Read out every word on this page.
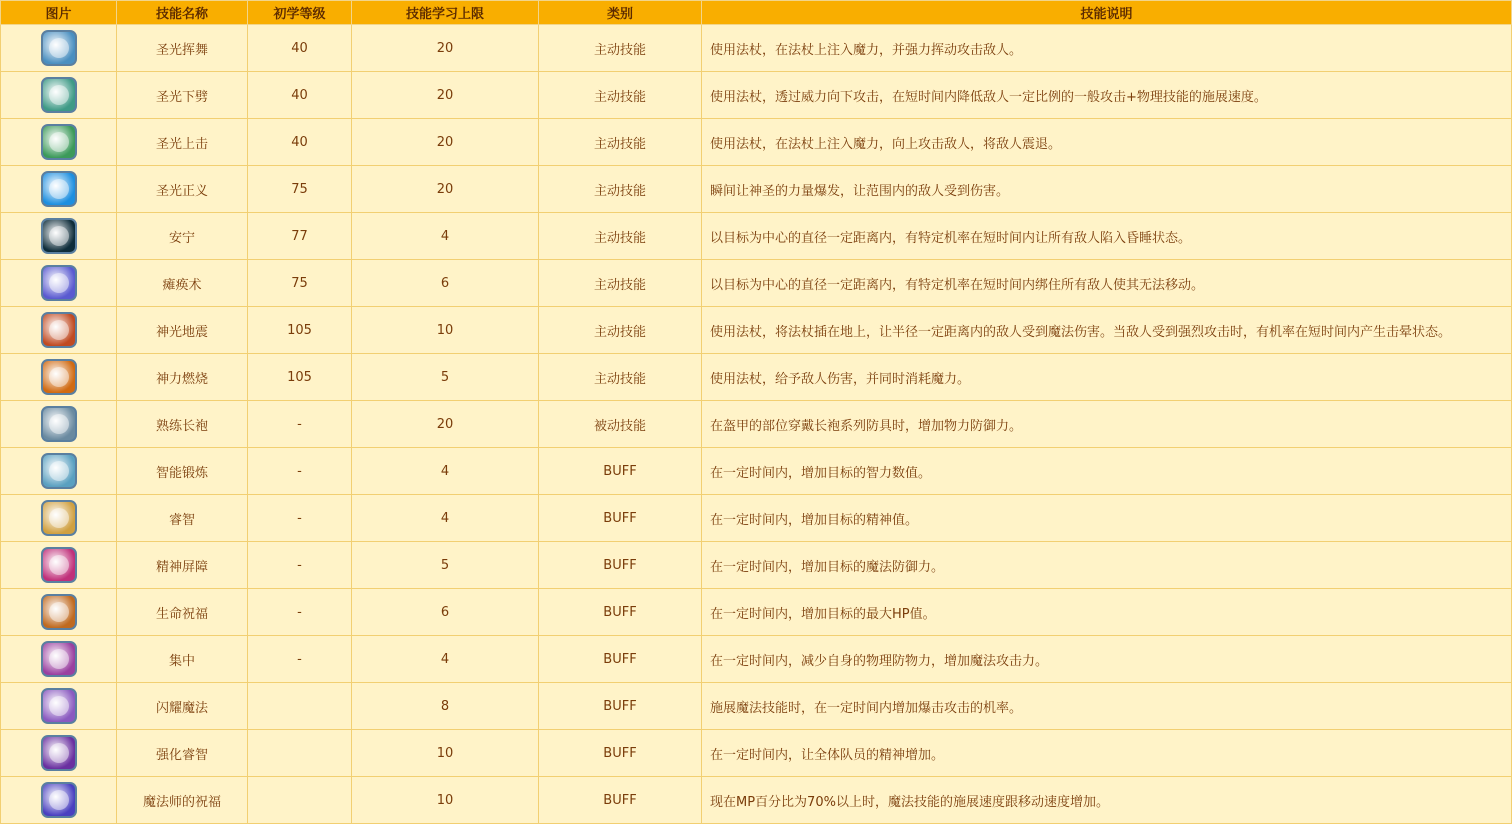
图片	技能名称	初学等级	技能学习上限	类别	技能说明
	圣光挥舞	40	20	主动技能	使用法杖，在法杖上注入魔力，并强力挥动攻击敌人。
	圣光下劈	40	20	主动技能	使用法杖，透过威力向下攻击，在短时间内降低敌人一定比例的一般攻击+物理技能的施展速度。
	圣光上击	40	20	主动技能	使用法杖，在法杖上注入魔力，向上攻击敌人，将敌人震退。
	圣光正义	75	20	主动技能	瞬间让神圣的力量爆发，让范围内的敌人受到伤害。
	安宁	77	4	主动技能	以目标为中心的直径一定距离内，有特定机率在短时间内让所有敌人陷入昏睡状态。
	瘫痪术	75	6	主动技能	以目标为中心的直径一定距离内，有特定机率在短时间内绑住所有敌人使其无法移动。
	神光地震	105	10	主动技能	使用法杖，将法杖插在地上，让半径一定距离内的敌人受到魔法伤害。当敌人受到强烈攻击时，有机率在短时间内产生击晕状态。
	神力燃烧	105	5	主动技能	使用法杖，给予敌人伤害，并同时消耗魔力。
	熟练长袍	-	20	被动技能	在盔甲的部位穿戴长袍系列防具时，增加物力防御力。
	智能锻炼	-	4	BUFF	在一定时间内，增加目标的智力数值。
	睿智	-	4	BUFF	在一定时间内，增加目标的精神值。
	精神屏障	-	5	BUFF	在一定时间内，增加目标的魔法防御力。
	生命祝福	-	6	BUFF	在一定时间内，增加目标的最大HP值。
	集中	-	4	BUFF	在一定时间内，减少自身的物理防物力，增加魔法攻击力。
	闪耀魔法		8	BUFF	施展魔法技能时，在一定时间内增加爆击攻击的机率。
	强化睿智		10	BUFF	在一定时间内，让全体队员的精神增加。
	魔法师的祝福		10	BUFF	现在MP百分比为70%以上时，魔法技能的施展速度跟移动速度增加。
